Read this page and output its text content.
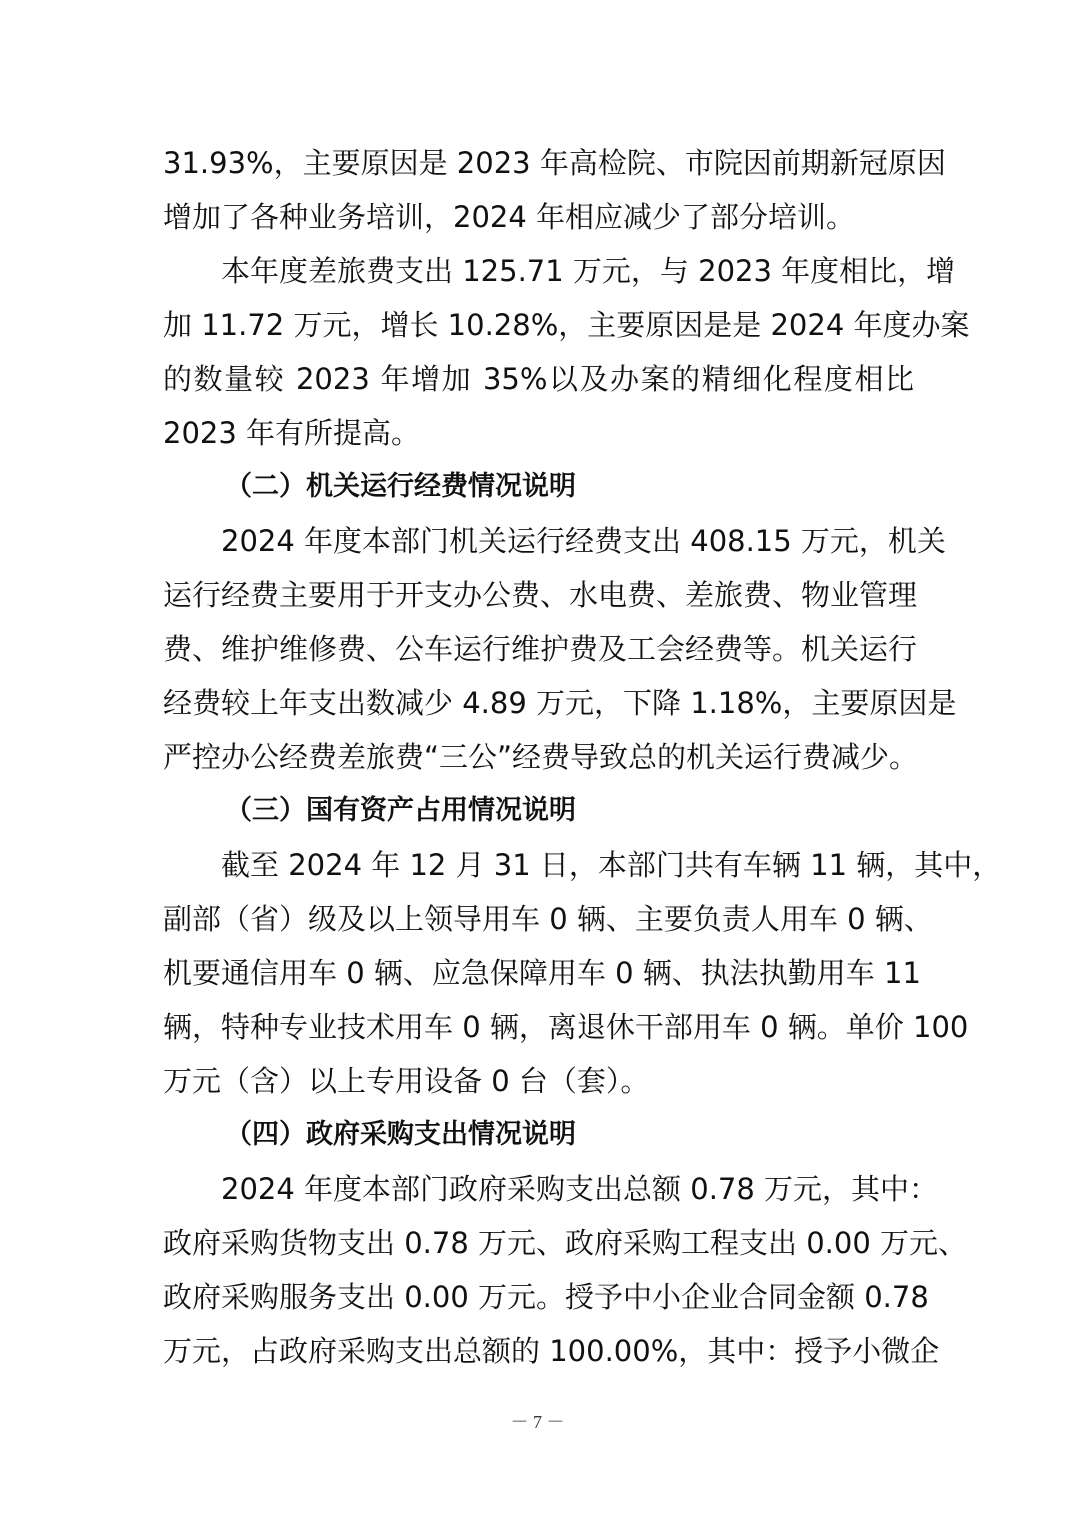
31.93%，主要原因是 2023 年高检院、市院因前期新冠原因
增加了各种业务培训，2024 年相应减少了部分培训。
本年度差旅费支出 125.71 万元，与 2023 年度相比，增
加 11.72 万元，增长 10.28%，主要原因是是 2024 年度办案
的数量较 2023 年增加 35%以及办案的精细化程度相比
2023 年有所提高。
（二）机关运行经费情况说明
2024 年度本部门机关运行经费支出 408.15 万元，机关
运行经费主要用于开支办公费、水电费、差旅费、物业管理
费、维护维修费、公车运行维护费及工会经费等。机关运行
经费较上年支出数减少 4.89 万元，下降 1.18%，主要原因是
严控办公经费差旅费“三公”经费导致总的机关运行费减少。
（三）国有资产占用情况说明
截至 2024 年 12 月 31 日，本部门共有车辆 11 辆，其中，
副部（省）级及以上领导用车 0 辆、主要负责人用车 0 辆、
机要通信用车 0 辆、应急保障用车 0 辆、执法执勤用车 11
辆，特种专业技术用车 0 辆，离退休干部用车 0 辆。单价 100
万元（含）以上专用设备 0 台（套）。
（四）政府采购支出情况说明
2024 年度本部门政府采购支出总额 0.78 万元，其中：
政府采购货物支出 0.78 万元、政府采购工程支出 0.00 万元、
政府采购服务支出 0.00 万元。授予中小企业合同金额 0.78
万元，占政府采购支出总额的 100.00%，其中：授予小微企
－ 7 －
